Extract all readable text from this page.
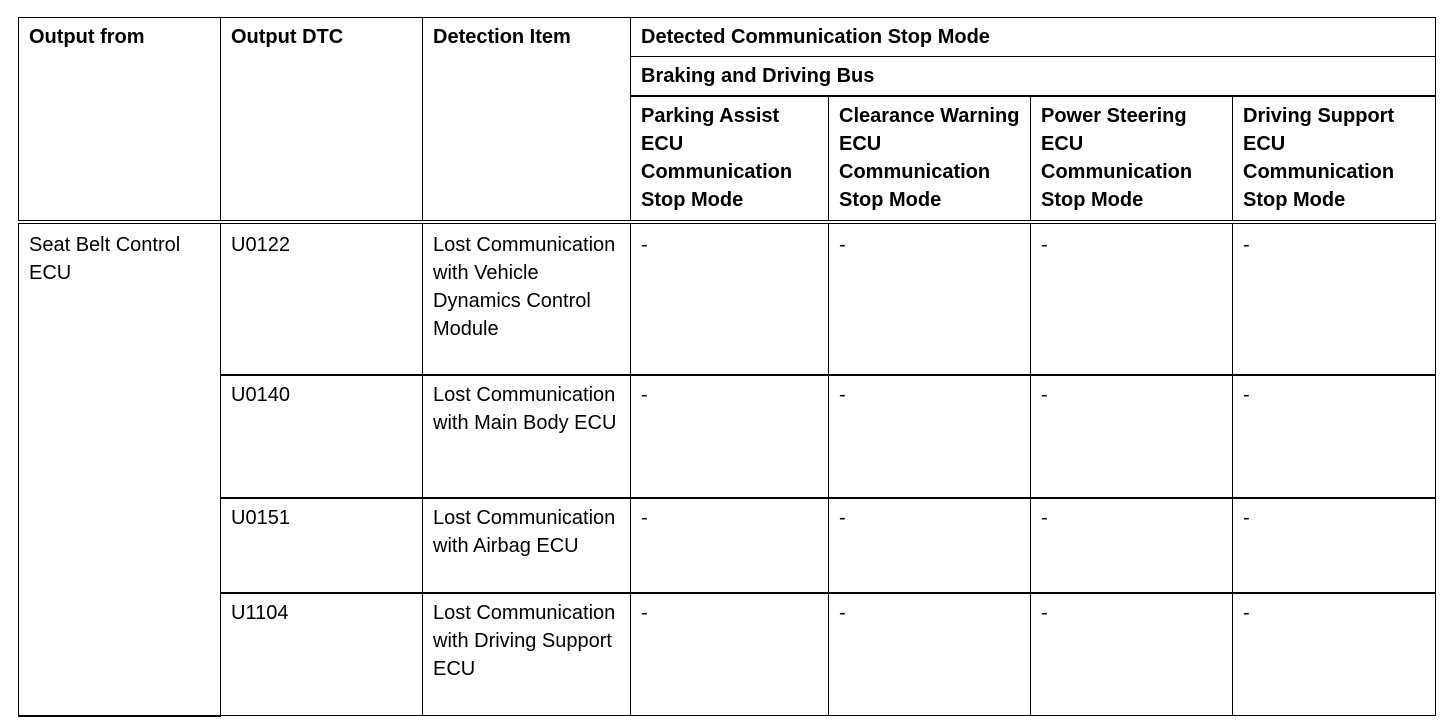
Output from	Output DTC	Detection Item	Detected Communication Stop Mode			
			Braking and Driving Bus			
			Parking Assist ECU Communication Stop Mode	Clearance Warning ECU Communication Stop Mode	Power Steering ECU Communication Stop Mode	Driving Support ECU Communication Stop Mode
Seat Belt Control ECU	U0122	Lost Communication with Vehicle Dynamics Control Module	-	-	-	-
	U0140	Lost Communication with Main Body ECU	-	-	-	-
	U0151	Lost Communication with Airbag ECU	-	-	-	-
	U1104	Lost Communication with Driving Support ECU	-	-	-	-
